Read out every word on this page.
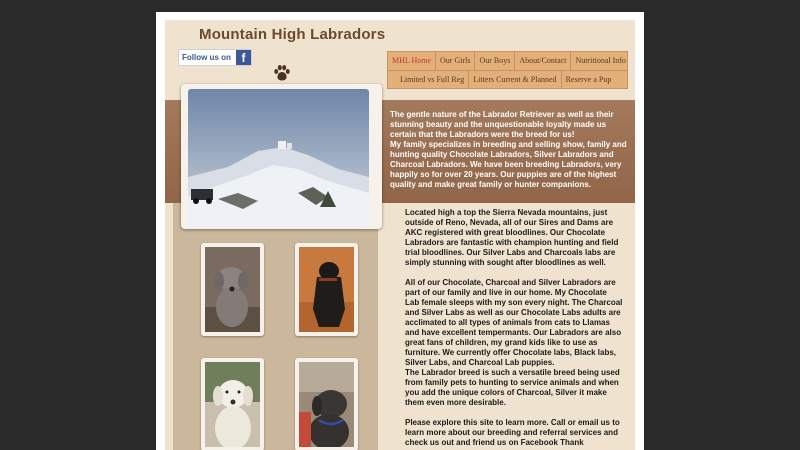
Mountain High Labradors
Follow us on f	MHL Home	Our Girls	Our Boys	About/Contact	Nutritional Info
Limited vs Full Reg	Litters Current & Planned	Reserve a Pup

The gentle nature of the Labrador Retriever as well as their stunning beauty and the unquestionable loyalty made us certain that the Labradors were the breed for us!

My family specializes in breeding and selling show, family and hunting quality Chocolate Labradors, Silver Labradors and Charcoal Labradors. We have been breeding Labradors, very happily so for over 20 years. Our puppies are of the highest quality and make great family or hunter companions.

Located high a top the Sierra Nevada mountains, just outside of Reno, Nevada, all of our Sires and Dams are AKC registered with great bloodlines. Our Chocolate Labradors are fantastic with champion hunting and field trial bloodlines. Our Silver Labs and Charcoals labs are simply stunning with sought after bloodlines as well.

All of our Chocolate, Charcoal and Silver Labradors are part of our family and live in our home. My Chocolate Lab female sleeps with my son every night. The Charcoal and Silver Labs as well as our Chocolate Labs adults are acclimated to all types of animals from cats to Llamas and have excellent tempermants. Our Labradors are also great fans of children, my grand kids like to use as furniture. We currently offer Chocolate labs, Black labs, Silver Labs, and Charcoal Lab puppies.

The Labrador breed is such a versatile breed being used from family pets to hunting to service animals and when you add the unique colors of Charcoal, Silver it make them even more desirable.

Please explore this site to learn more. Call or email us to learn more about our breeding and referral services and check us out and friend us on Facebook Thank
